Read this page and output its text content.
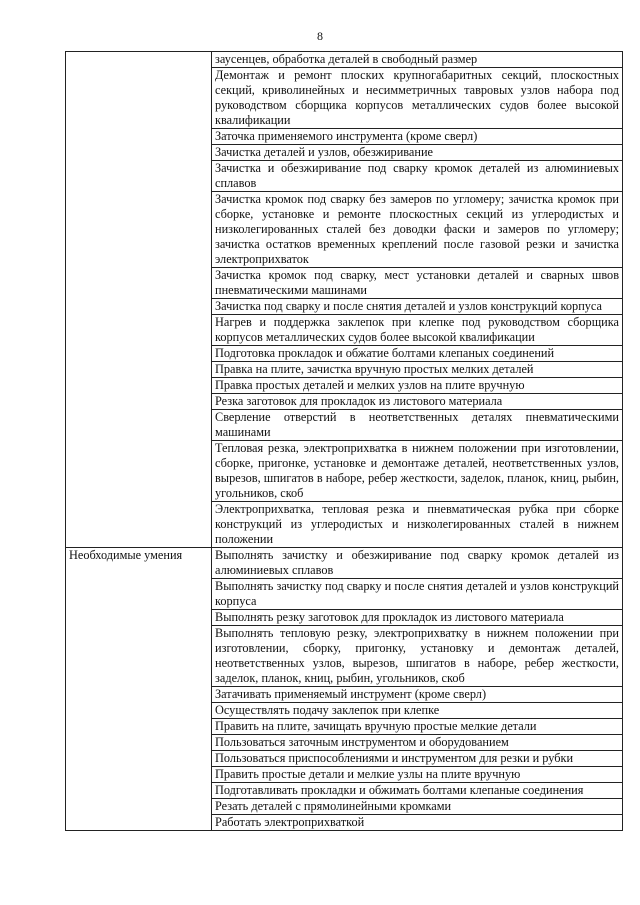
8
	заусенцев, обработка деталей в свободный размер
	Демонтаж и ремонт плоских крупногабаритных секций, плоскостных секций, криволинейных и несимметричных тавровых узлов набора под руководством сборщика корпусов металлических судов более высокой квалификации
	Заточка применяемого инструмента (кроме сверл)
	Зачистка деталей и узлов, обезжиривание
	Зачистка и обезжиривание под сварку кромок деталей из алюминиевых сплавов
	Зачистка кромок под сварку без замеров по угломеру; зачистка кромок при сборке, установке и ремонте плоскостных секций из углеродистых и низколегированных сталей без доводки фаски и замеров по угломеру; зачистка остатков временных креплений после газовой резки и зачистка электроприхваток
	Зачистка кромок под сварку, мест установки деталей и сварных швов пневматическими машинами
	Зачистка под сварку и после снятия деталей и узлов конструкций корпуса
	Нагрев и поддержка заклепок при клепке под руководством сборщика корпусов металлических судов более высокой квалификации
	Подготовка прокладок и обжатие болтами клепаных соединений
	Правка на плите, зачистка вручную простых мелких деталей
	Правка простых деталей и мелких узлов на плите вручную
	Резка заготовок для прокладок из листового материала
	Сверление отверстий в неответственных деталях пневматическими машинами
	Тепловая резка, электроприхватка в нижнем положении при изготовлении, сборке, пригонке, установке и демонтаже деталей, неответственных узлов, вырезов, шпигатов в наборе, ребер жесткости, заделок, планок, книц, рыбин, угольников, скоб
	Электроприхватка, тепловая резка и пневматическая рубка при сборке конструкций из углеродистых и низколегированных сталей в нижнем положении
Необходимые умения	Выполнять зачистку и обезжиривание под сварку кромок деталей из алюминиевых сплавов
	Выполнять зачистку под сварку и после снятия деталей и узлов конструкций корпуса
	Выполнять резку заготовок для прокладок из листового материала
	Выполнять тепловую резку, электроприхватку в нижнем положении при изготовлении, сборку, пригонку, установку и демонтаж деталей, неответственных узлов, вырезов, шпигатов в наборе, ребер жесткости, заделок, планок, книц, рыбин, угольников, скоб
	Затачивать применяемый инструмент (кроме сверл)
	Осуществлять подачу заклепок при клепке
	Править на плите, зачищать вручную простые мелкие детали
	Пользоваться заточным инструментом и оборудованием
	Пользоваться приспособлениями и инструментом для резки и рубки
	Править простые детали и мелкие узлы на плите вручную
	Подготавливать прокладки и обжимать болтами клепаные соединения
	Резать деталей с прямолинейными кромками
	Работать электроприхваткой
